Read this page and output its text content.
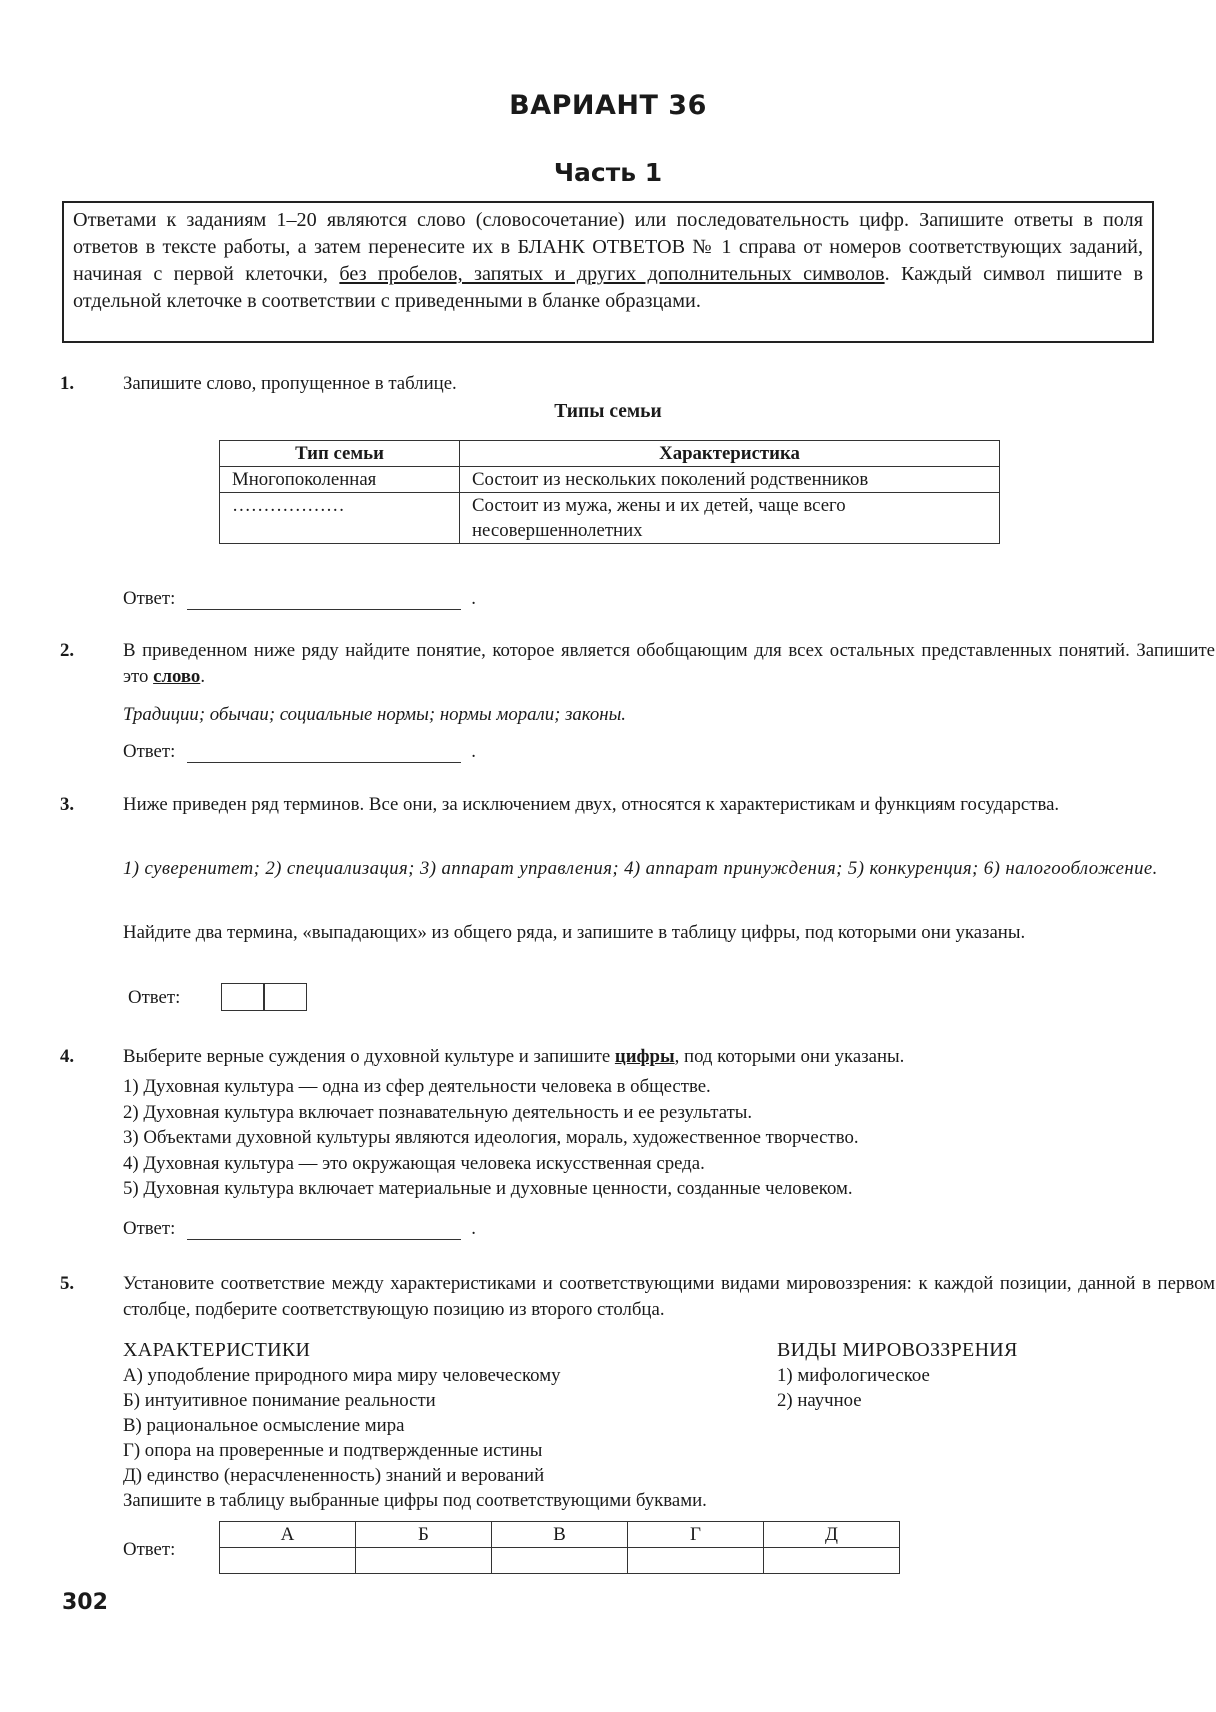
ВАРИАНТ 36
Часть 1
Ответами к заданиям 1–20 являются слово (словосочетание) или последовательность цифр. Запишите ответы в поля ответов в тексте работы, а затем перенесите их в БЛАНК ОТВЕТОВ № 1 справа от номеров соответствующих заданий, начиная с первой клеточки, без пробелов, запятых и других дополнительных символов. Каждый символ пишите в отдельной клеточке в соответствии с приведенными в бланке образцами.
1.	Запишите слово, пропущенное в таблице.
Типы семьи
Тип семьи	Характеристика
Многопоколенная	Состоит из нескольких поколений родственников
………………	Состоит из мужа, жены и их детей, чаще всего несовершеннолетних
Ответ:	.
2.	В приведенном ниже ряду найдите понятие, которое является обобщающим для всех остальных представленных понятий. Запишите это слово.
Традиции; обычаи; социальные нормы; нормы морали; законы.
Ответ:	.
3.	Ниже приведен ряд терминов. Все они, за исключением двух, относятся к характеристикам и функциям государства.
1) суверенитет; 2) специализация; 3) аппарат управления; 4) аппарат принуждения; 5) конкуренция; 6) налогообложение.
Найдите два термина, «выпадающих» из общего ряда, и запишите в таблицу цифры, под которыми они указаны.
Ответ:
4.	Выберите верные суждения о духовной культуре и запишите цифры, под которыми они указаны.
1) Духовная культура — одна из сфер деятельности человека в обществе.
2) Духовная культура включает познавательную деятельность и ее результаты.
3) Объектами духовной культуры являются идеология, мораль, художественное творчество.
4) Духовная культура — это окружающая человека искусственная среда.
5) Духовная культура включает материальные и духовные ценности, созданные человеком.
Ответ:	.
5.	Установите соответствие между характеристиками и соответствующими видами мировоззрения: к каждой позиции, данной в первом столбце, подберите соответствующую позицию из второго столбца.
ХАРАКТЕРИСТИКИ
А) уподобление природного мира миру человеческому
Б) интуитивное понимание реальности
В) рациональное осмысление мира
Г) опора на проверенные и подтвержденные истины
Д) единство (нерасчлененность) знаний и верований
ВИДЫ МИРОВОЗЗРЕНИЯ
1) мифологическое
2) научное
Запишите в таблицу выбранные цифры под соответствующими буквами.
Ответ:
А	Б	В	Г	Д

302
